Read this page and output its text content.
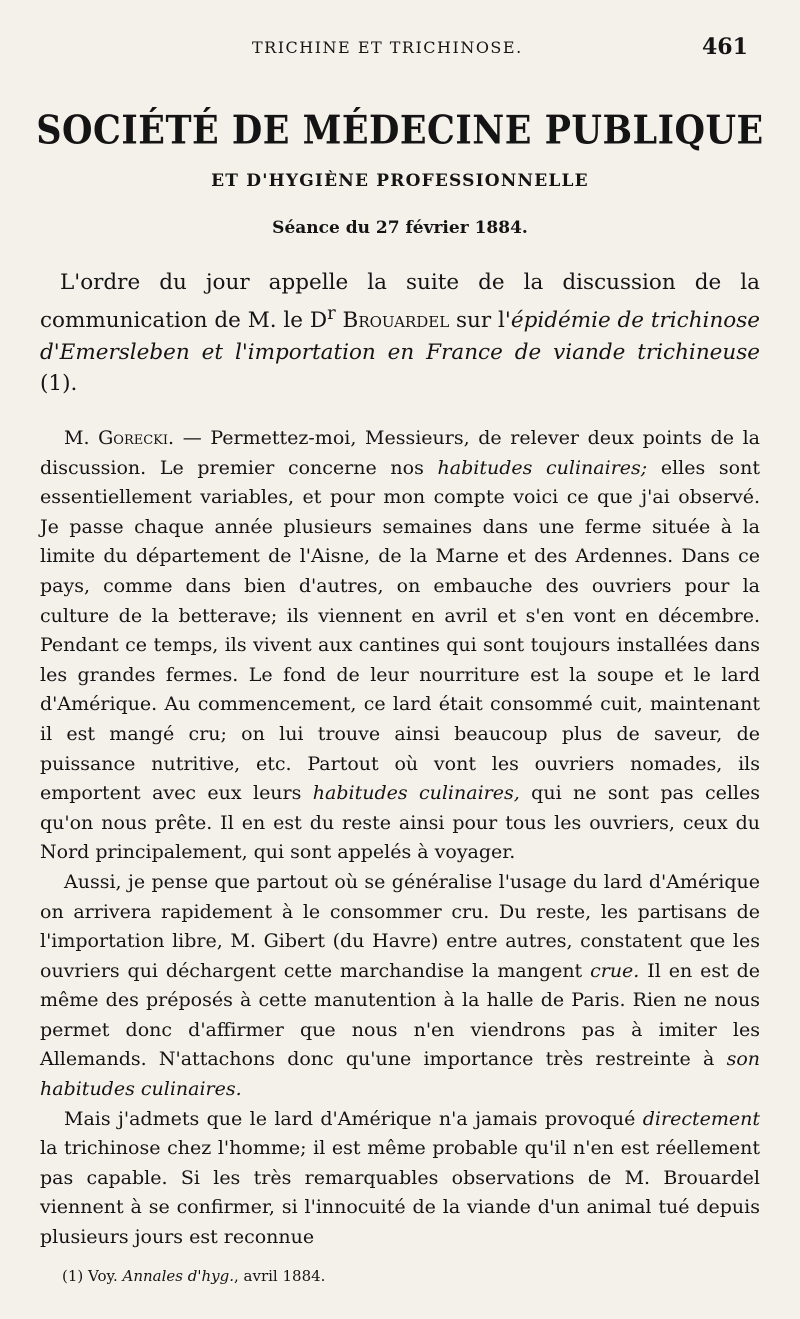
TRICHINE ET TRICHINOSE.	461
SOCIÉTÉ DE MÉDECINE PUBLIQUE
ET D'HYGIÈNE PROFESSIONNELLE
Séance du 27 février 1884.

L'ordre du jour appelle la suite de la discussion de la communication de M. le $D^r$ Brouardel sur l'épidémie de trichinose d'Emersleben et l'importation en France de viande trichineuse (1).

M. Gorecki. — Permettez-moi, Messieurs, de relever deux points de la discussion. Le premier concerne nos habitudes culinaires; elles sont essentiellement variables, et pour mon compte voici ce que j'ai observé. Je passe chaque année plusieurs semaines dans une ferme située à la limite du département de l'Aisne, de la Marne et des Ardennes. Dans ce pays, comme dans bien d'autres, on embauche des ouvriers pour la culture de la betterave; ils viennent en avril et s'en vont en décembre. Pendant ce temps, ils vivent aux cantines qui sont toujours installées dans les grandes fermes. Le fond de leur nourriture est la soupe et le lard d'Amérique. Au commencement, ce lard était consommé cuit, maintenant il est mangé cru; on lui trouve ainsi beaucoup plus de saveur, de puissance nutritive, etc. Partout où vont les ouvriers nomades, ils emportent avec eux leurs habitudes culinaires, qui ne sont pas celles qu'on nous prête. Il en est du reste ainsi pour tous les ouvriers, ceux du Nord principalement, qui sont appelés à voyager.

Aussi, je pense que partout où se généralise l'usage du lard d'Amérique on arrivera rapidement à le consommer cru. Du reste, les partisans de l'importation libre, M. Gibert (du Havre) entre autres, constatent que les ouvriers qui déchargent cette marchandise la mangent crue. Il en est de même des préposés à cette manutention à la halle de Paris. Rien ne nous permet donc d'affirmer que nous n'en viendrons pas à imiter les Allemands. N'attachons donc qu'une importance très restreinte à son habitudes culinaires.

Mais j'admets que le lard d'Amérique n'a jamais provoqué directement la trichinose chez l'homme; il est même probable qu'il n'en est réellement pas capable. Si les très remarquables observations de M. Brouardel viennent à se confirmer, si l'innocuité de la viande d'un animal tué depuis plusieurs jours est reconnue

(1) Voy. Annales d'hyg., avril 1884.
